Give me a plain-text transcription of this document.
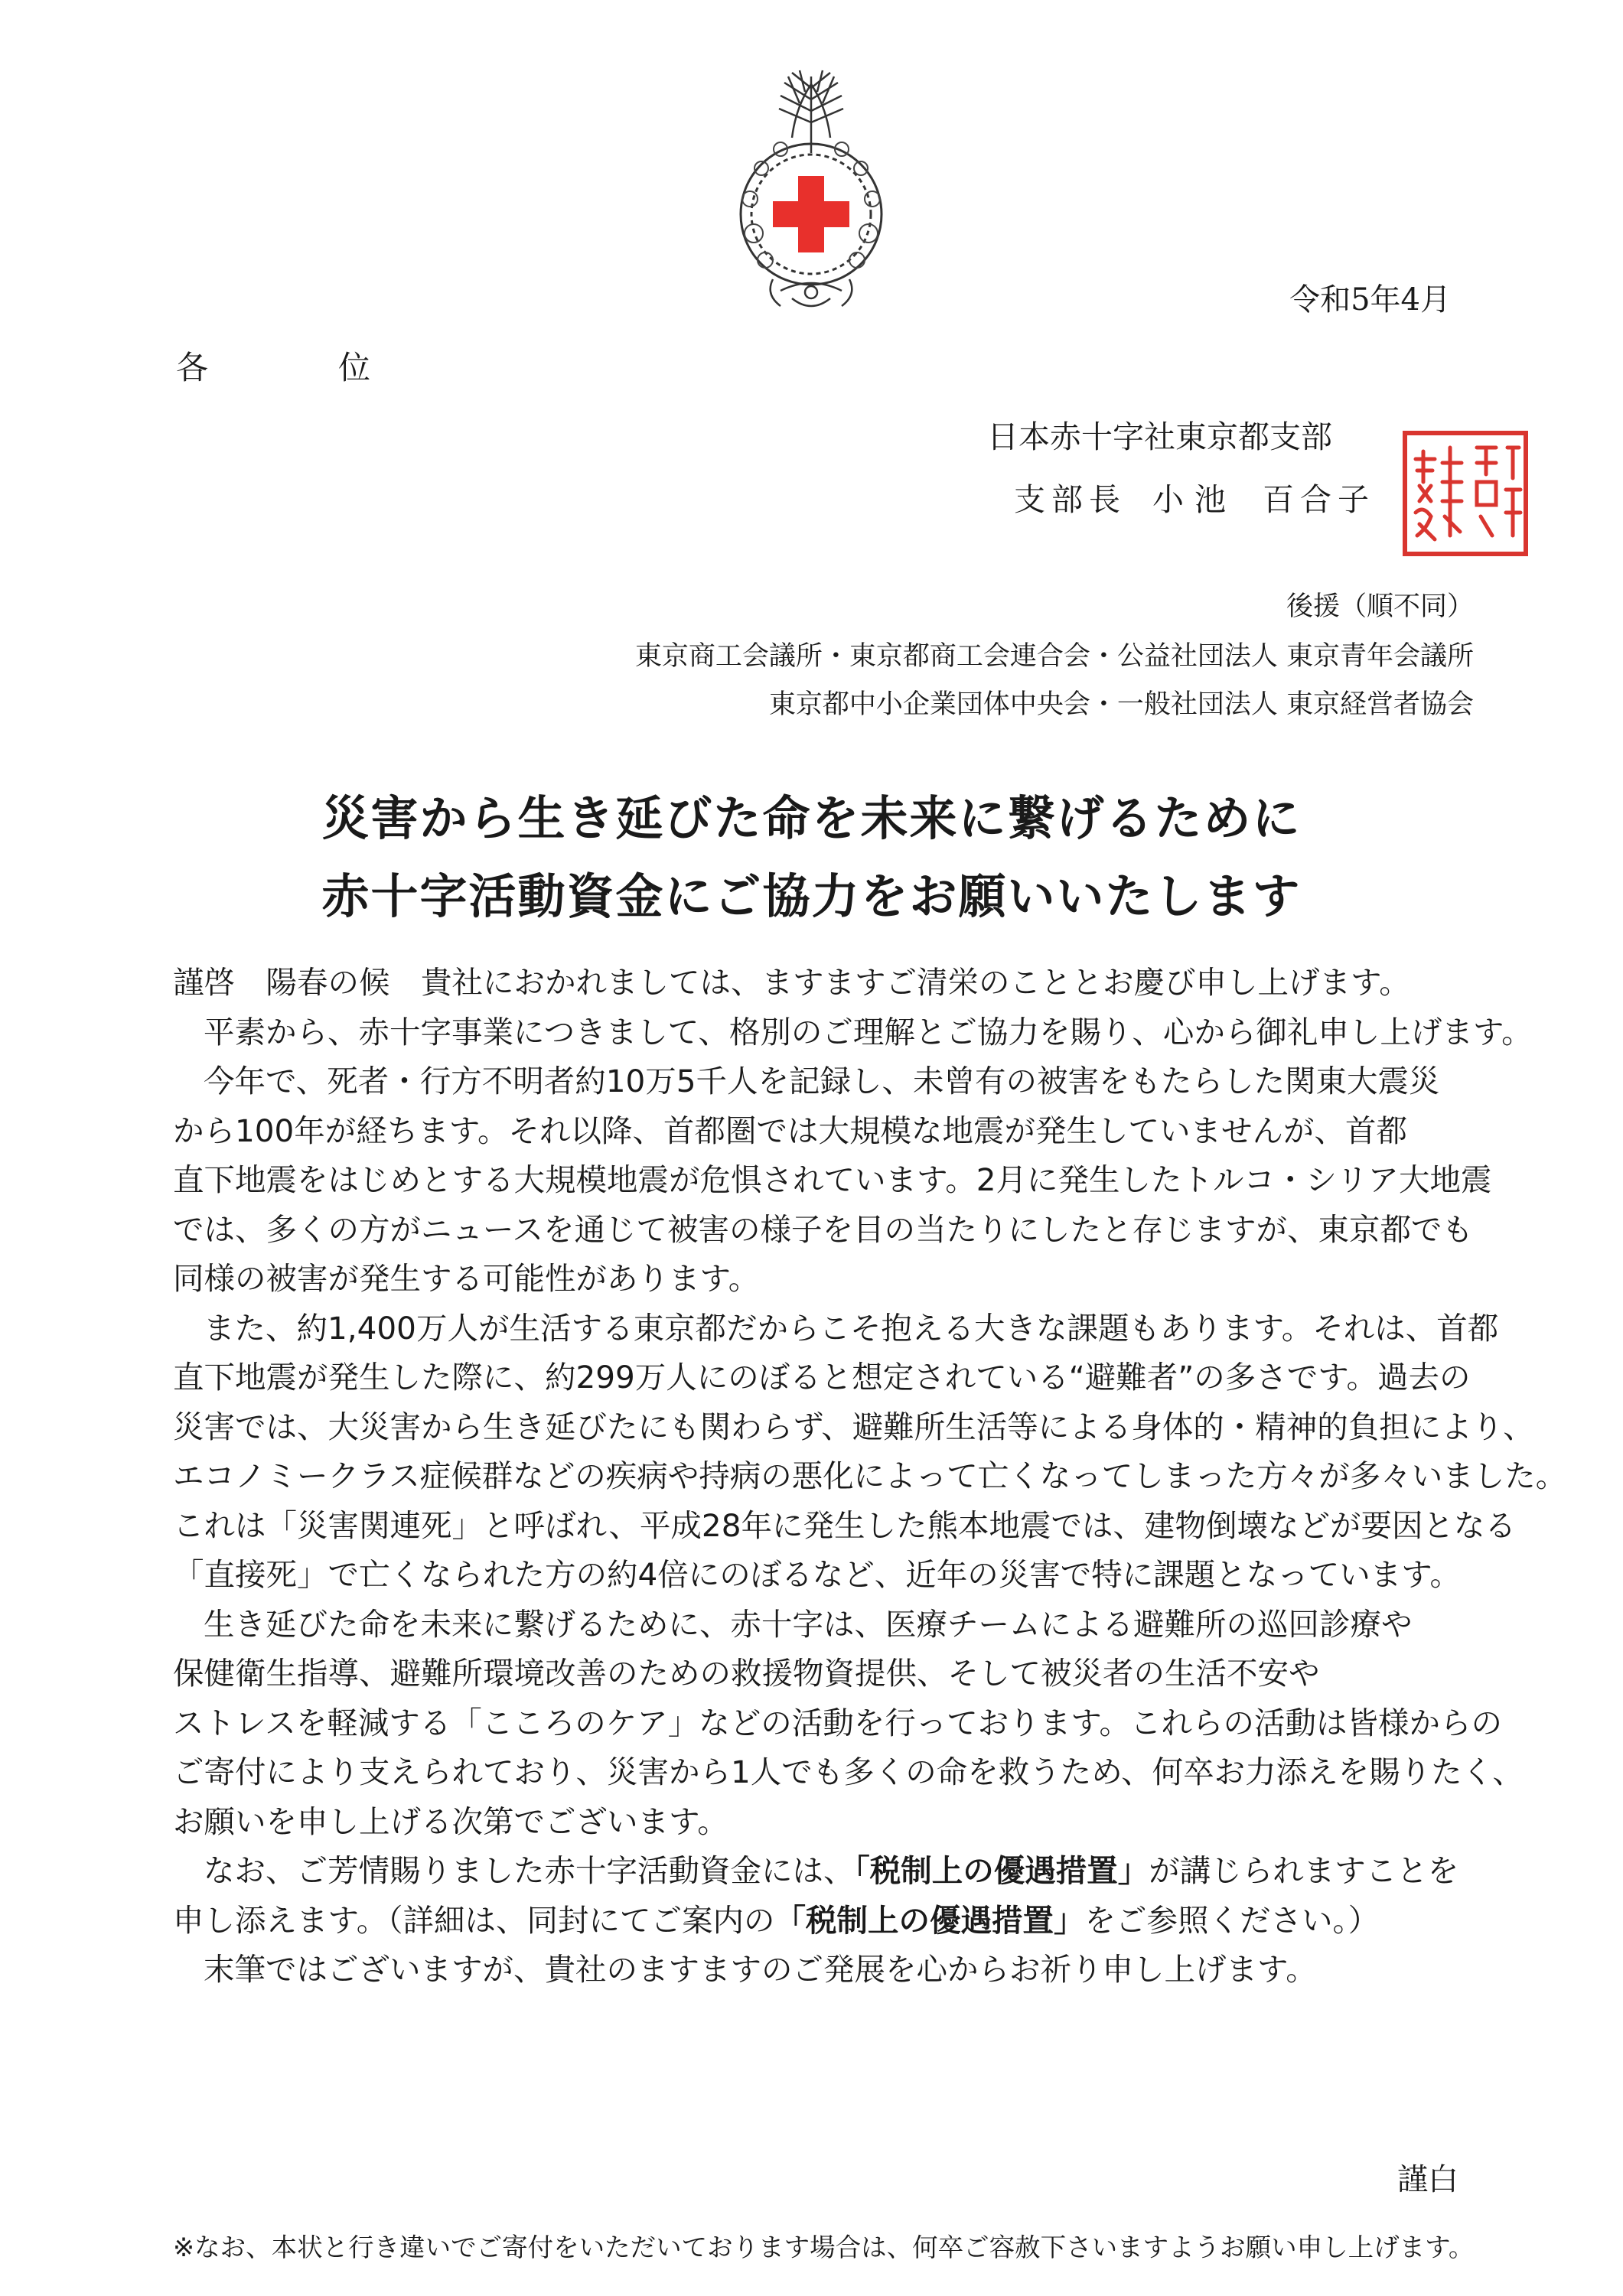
令和5年4月
各	位
日本赤十字社東京都支部
支部長 小池 百合子
後援（順不同）
東京商工会議所・東京都商工会連合会・公益社団法人 東京青年会議所
東京都中小企業団体中央会・一般社団法人 東京経営者協会
災害から生き延びた命を未来に繋げるために
赤十字活動資金にご協力をお願いいたします
謹啓　陽春の候　貴社におかれましては、ますますご清栄のこととお慶び申し上げます。
平素から、赤十字事業につきまして、格別のご理解とご協力を賜り、心から御礼申し上げます。
今年で、死者・行方不明者約10万5千人を記録し、未曾有の被害をもたらした関東大震災
から100年が経ちます。それ以降、首都圏では大規模な地震が発生していませんが、首都
直下地震をはじめとする大規模地震が危惧されています。2月に発生したトルコ・シリア大地震
では、多くの方がニュースを通じて被害の様子を目の当たりにしたと存じますが、東京都でも
同様の被害が発生する可能性があります。
また、約1,400万人が生活する東京都だからこそ抱える大きな課題もあります。それは、首都
直下地震が発生した際に、約299万人にのぼると想定されている“避難者”の多さです。過去の
災害では、大災害から生き延びたにも関わらず、避難所生活等による身体的・精神的負担により、
エコノミークラス症候群などの疾病や持病の悪化によって亡くなってしまった方々が多々いました。
これは「災害関連死」と呼ばれ、平成28年に発生した熊本地震では、建物倒壊などが要因となる
「直接死」で亡くなられた方の約4倍にのぼるなど、近年の災害で特に課題となっています。
生き延びた命を未来に繋げるために、赤十字は、医療チームによる避難所の巡回診療や
保健衛生指導、避難所環境改善のための救援物資提供、そして被災者の生活不安や
ストレスを軽減する「こころのケア」などの活動を行っております。これらの活動は皆様からの
ご寄付により支えられており、災害から1人でも多くの命を救うため、何卒お力添えを賜りたく、
お願いを申し上げる次第でございます。
なお、ご芳情賜りました赤十字活動資金には、「税制上の優遇措置」が講じられますことを
申し添えます。（詳細は、同封にてご案内の「税制上の優遇措置」をご参照ください。）
末筆ではございますが、貴社のますますのご発展を心からお祈り申し上げます。
謹白
※なお、本状と行き違いでご寄付をいただいております場合は、何卒ご容赦下さいますようお願い申し上げます。
